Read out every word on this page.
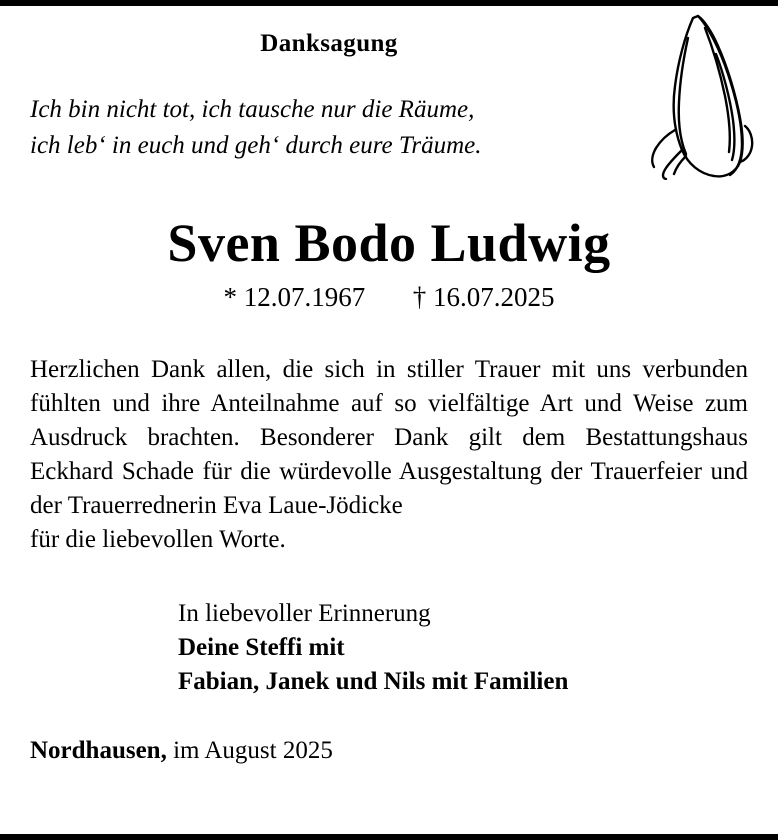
Danksagung
Ich bin nicht tot, ich tausche nur die Räume,
ich leb‘ in euch und geh‘ durch eure Träume.
Sven Bodo Ludwig
* 12.07.1967 † 16.07.2025

Herzlichen Dank allen, die sich in stiller Trauer mit uns verbunden fühlten und ihre Anteilnahme auf so vielfältige Art und Weise zum Ausdruck brachten. Besonderer Dank gilt dem Bestattungshaus Eckhard Schade für die würdevolle Ausgestaltung der Trauerfeier und der Trauerrednerin Eva Laue-Jödicke

für die liebevollen Worte.

In liebevoller Erinnerung
Deine Steffi mit
Fabian, Janek und Nils mit Familien
Nordhausen, im August 2025
